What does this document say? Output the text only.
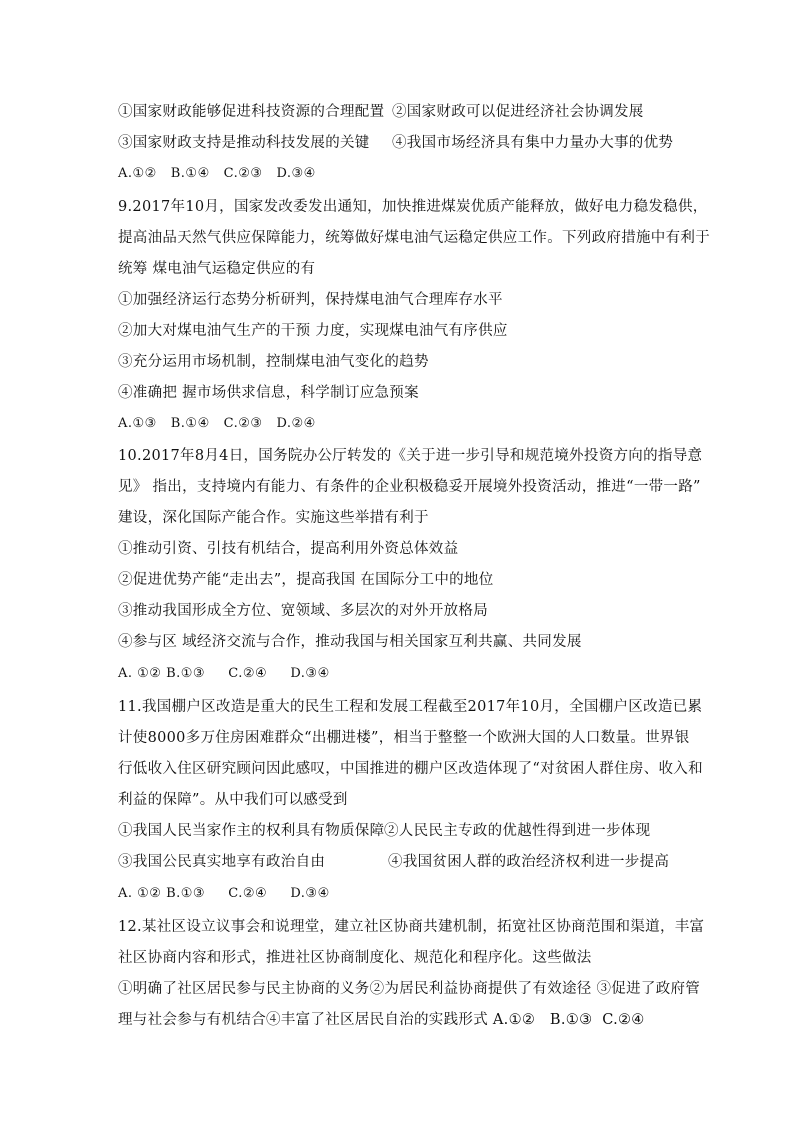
①国家财政能够促进科技资源的合理配置 ②国家财政可以促进经济社会协调发展
③国家财政支持是推动科技发展的关键 ④我国市场经济具有集中力量办大事的优势
A.①②   B.①④   C.②③   D.③④
9.2017年10月，国家发改委发出通知，加快推进煤炭优质产能释放，做好电力稳发稳供，
提高油品天然气供应保障能力，统筹做好煤电油气运稳定供应工作。下列政府措施中有利于
统筹 煤电油气运稳定供应的有
①加强经济运行态势分析研判，保持煤电油气合理库存水平
②加大对煤电油气生产的干预 力度，实现煤电油气有序供应
③充分运用市场机制，控制煤电油气变化的趋势
④准确把 握市场供求信息，科学制订应急预案
A.①③   B.①④   C.②③   D.②④
10.2017年8月4日，国务院办公厅转发的《关于进一步引导和规范境外投资方向的指导意
见》 指出，支持境内有能力、有条件的企业积极稳妥开展境外投资活动，推进“一带一路”
建设，深化国际产能合作。实施这些举措有利于
①推动引资、引技有机结合，提高利用外资总体效益
②促进优势产能“走出去”，提高我国 在国际分工中的地位
③推动我国形成全方位、宽领域、多层次的对外开放格局
④参与区 域经济交流与合作，推动我国与相关国家互利共赢、共同发展
A. ①② B.①③     C.②④     D.③④
11.我国棚户区改造是重大的民生工程和发展工程截至2017年10月，全国棚户区改造已累
计使8000多万住房困难群众“出棚进楼”，相当于整整一个欧洲大国的人口数量。世界银
行低收入住区研究顾问因此感叹，中国推进的棚户区改造体现了“对贫困人群住房、收入和
利益的保障”。从中我们可以感受到
①我国人民当家作主的权利具有物质保障 ②人民民主专政的优越性得到进一步体现
③我国公民真实地享有政治自由	④我国贫困人群的政治经济权利进一步提高
A. ①② B.①③     C.②④     D.③④
12.某社区设立议事会和说理堂，建立社区协商共建机制，拓宽社区协商范围和渠道，丰富
社区协商内容和形式，推进社区协商制度化、规范化和程序化。这些做法
①明确了社区居民参与民主协商的义务②为居民利益协商提供了有效途径 ③促进了政府管
理与社会参与有机结合④丰富了社区居民自治的实践形式 A.①②   B.①③  C.②④
